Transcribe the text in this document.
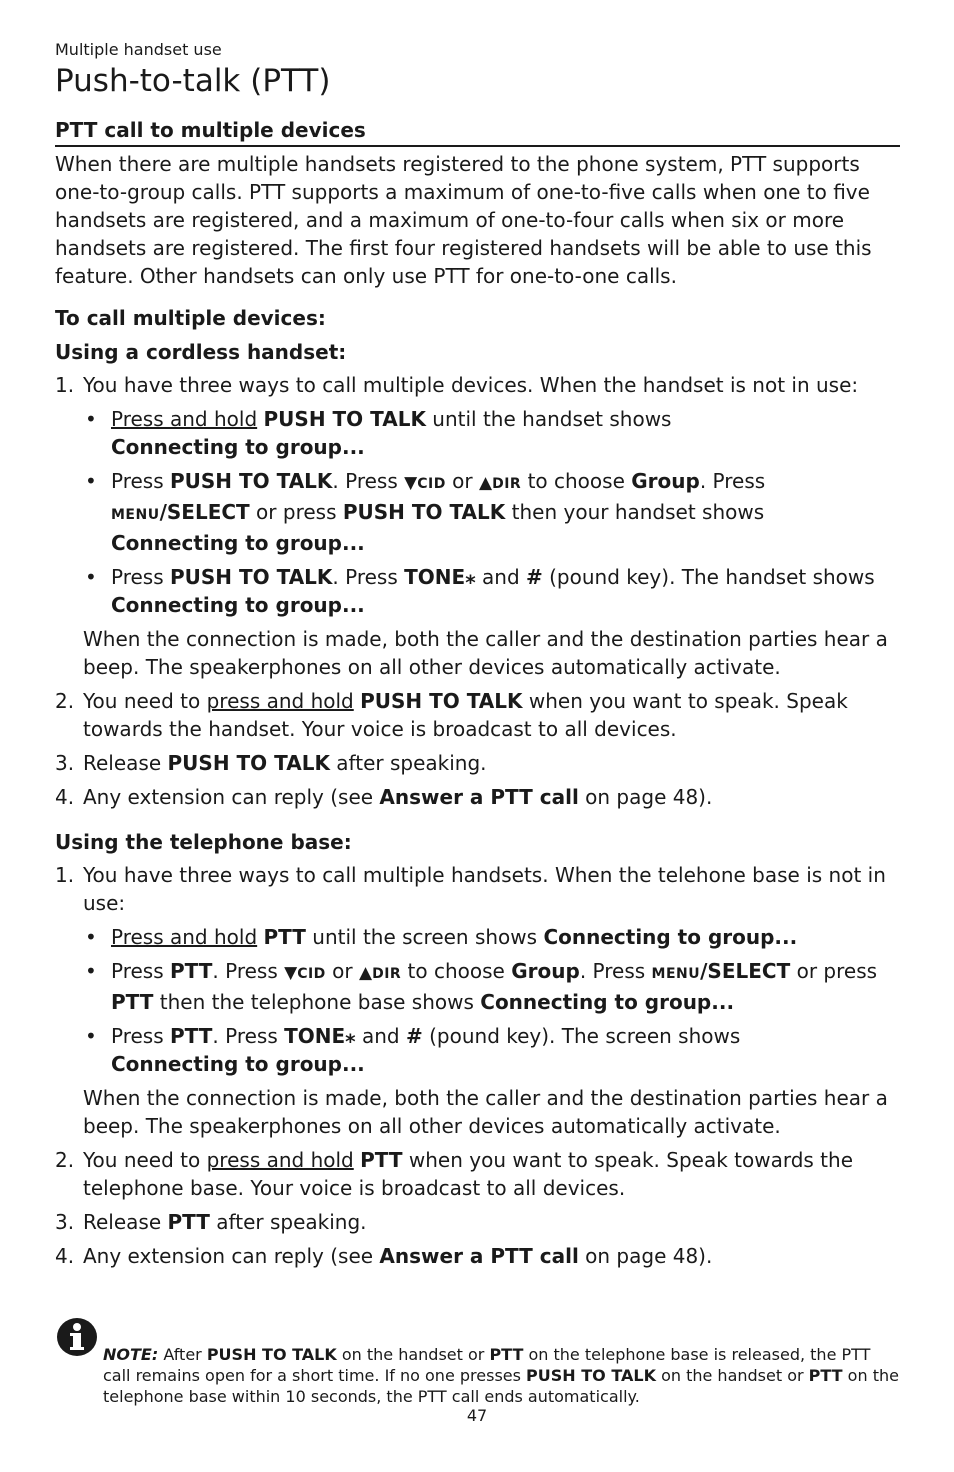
Multiple handset use
Push-to-talk (PTT)
PTT call to multiple devices

When there are multiple handsets registered to the phone system, PTT supports one-to-group calls. PTT supports a maximum of one-to-five calls when one to five handsets are registered, and a maximum of one-to-four calls when six or more handsets are registered. The first four registered handsets will be able to use this feature. Other handsets can only use PTT for one-to-one calls.

To call multiple devices:
Using a cordless handset:
1. You have three ways to call multiple devices. When the handset is not in use:
• Press and hold PUSH TO TALK until the handset shows
Connecting to group...
• Press PUSH TO TALK. Press ▼CID or ▲DIR to choose Group. Press
MENU/SELECT or press PUSH TO TALK then your handset shows
Connecting to group...
• Press PUSH TO TALK. Press TONE⁎ and # (pound key). The handset shows Connecting to group...

When the connection is made, both the caller and the destination parties hear a beep. The speakerphones on all other devices automatically activate.

2. You need to press and hold PUSH TO TALK when you want to speak. Speak towards the handset. Your voice is broadcast to all devices.
3. Release PUSH TO TALK after speaking.
4. Any extension can reply (see Answer a PTT call on page 48).
Using the telephone base:
1. You have three ways to call multiple handsets. When the telehone base is not in use:
• Press and hold PTT until the screen shows Connecting to group...
• Press PTT. Press ▼CID or ▲DIR to choose Group. Press MENU/SELECT or press PTT then the telephone base shows Connecting to group...
• Press PTT. Press TONE⁎ and # (pound key). The screen shows
Connecting to group...

When the connection is made, both the caller and the destination parties hear a beep. The speakerphones on all other devices automatically activate.

2. You need to press and hold PTT when you want to speak. Speak towards the telephone base. Your voice is broadcast to all devices.
3. Release PTT after speaking.
4. Any extension can reply (see Answer a PTT call on page 48).
NOTE: After PUSH TO TALK on the handset or PTT on the telephone base is released, the PTT call remains open for a short time. If no one presses PUSH TO TALK on the handset or PTT on the telephone base within 10 seconds, the PTT call ends automatically.
47
